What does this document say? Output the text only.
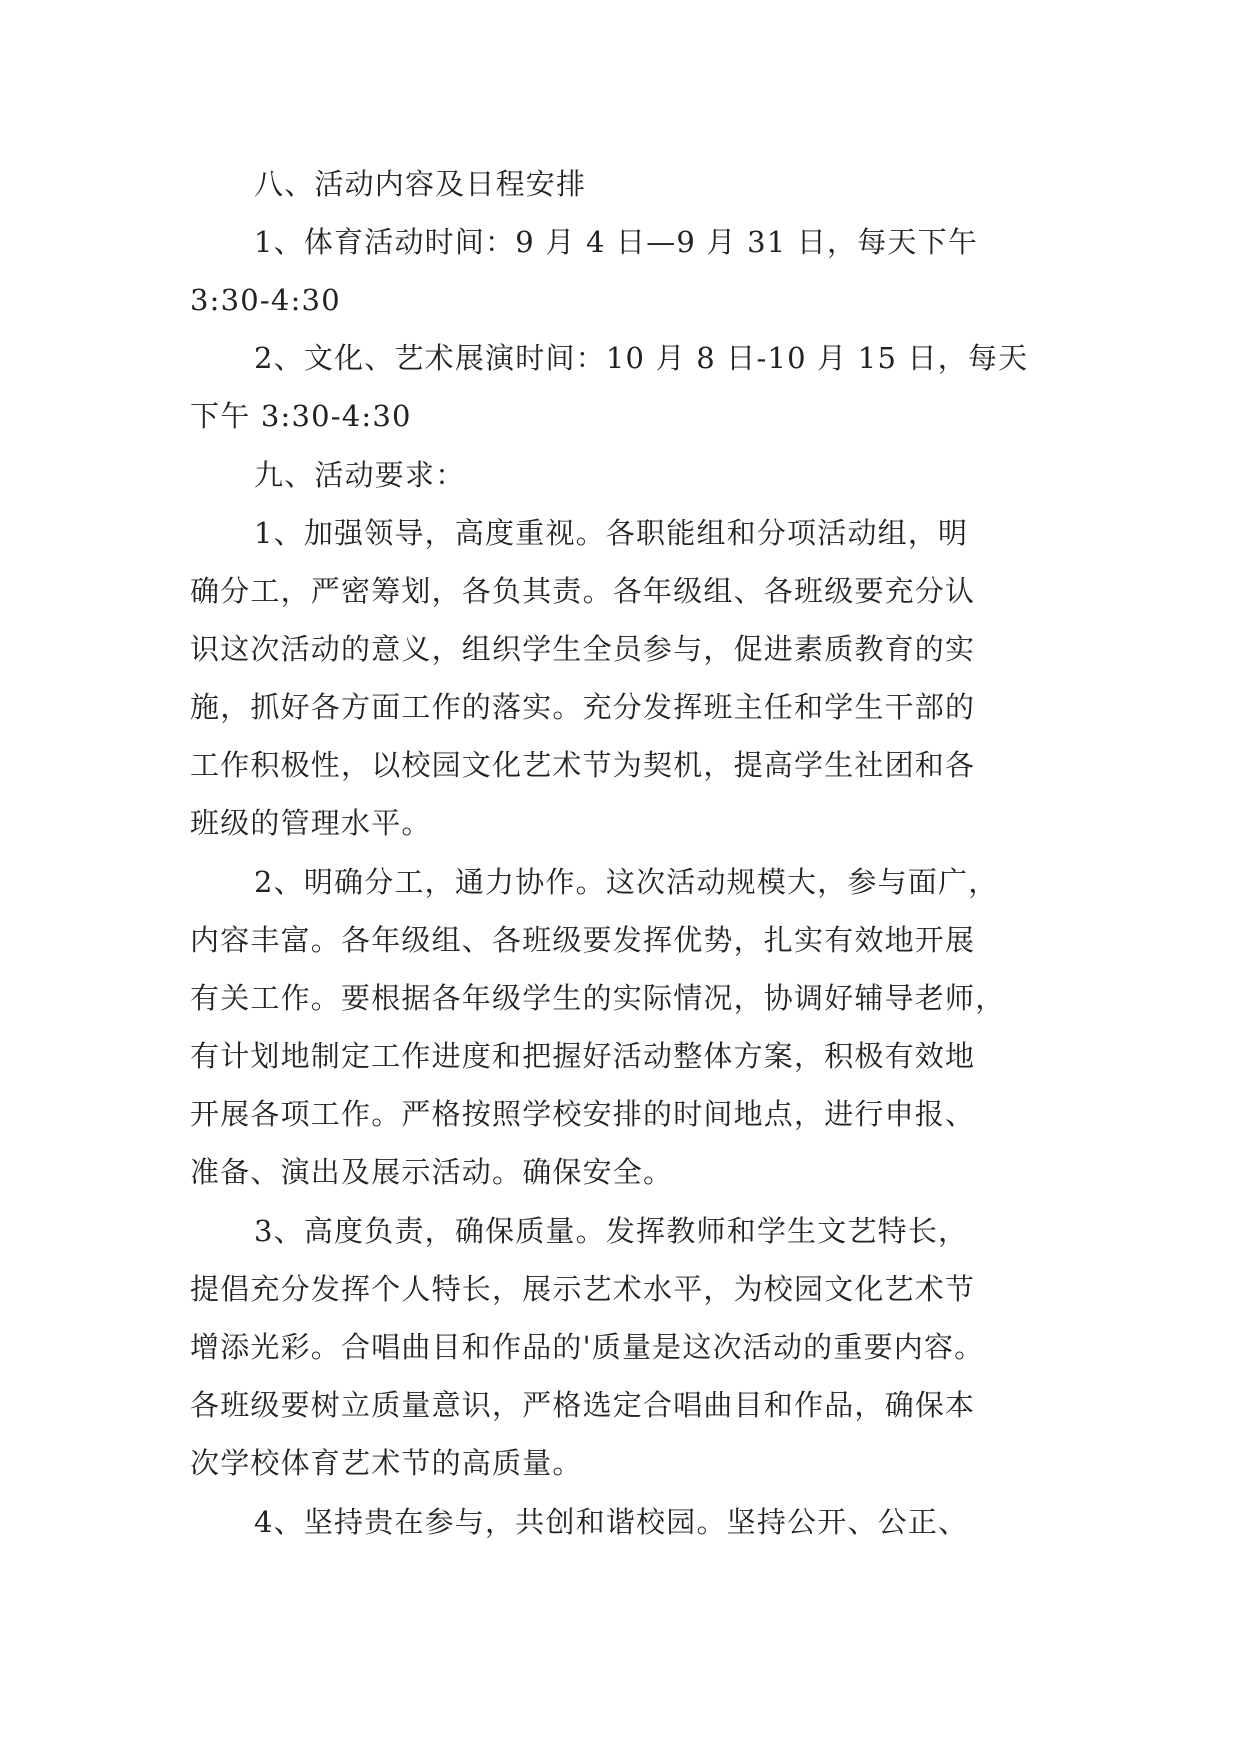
八、活动内容及日程安排
1、体育活动时间：9 月 4 日—9 月 31 日，每天下午
3:30-4:30
2、文化、艺术展演时间：10 月 8 日-10 月 15 日，每天
下午 3:30-4:30
九、活动要求：
1、加强领导，高度重视。各职能组和分项活动组，明
确分工，严密筹划，各负其责。各年级组、各班级要充分认
识这次活动的意义，组织学生全员参与，促进素质教育的实
施，抓好各方面工作的落实。充分发挥班主任和学生干部的
工作积极性，以校园文化艺术节为契机，提高学生社团和各
班级的管理水平。
2、明确分工，通力协作。这次活动规模大，参与面广，
内容丰富。各年级组、各班级要发挥优势，扎实有效地开展
有关工作。要根据各年级学生的实际情况，协调好辅导老师，
有计划地制定工作进度和把握好活动整体方案，积极有效地
开展各项工作。严格按照学校安排的时间地点，进行申报、
准备、演出及展示活动。确保安全。
3、高度负责，确保质量。发挥教师和学生文艺特长，
提倡充分发挥个人特长，展示艺术水平，为校园文化艺术节
增添光彩。合唱曲目和作品的'质量是这次活动的重要内容。
各班级要树立质量意识，严格选定合唱曲目和作品，确保本
次学校体育艺术节的高质量。
4、坚持贵在参与，共创和谐校园。坚持公开、公正、
